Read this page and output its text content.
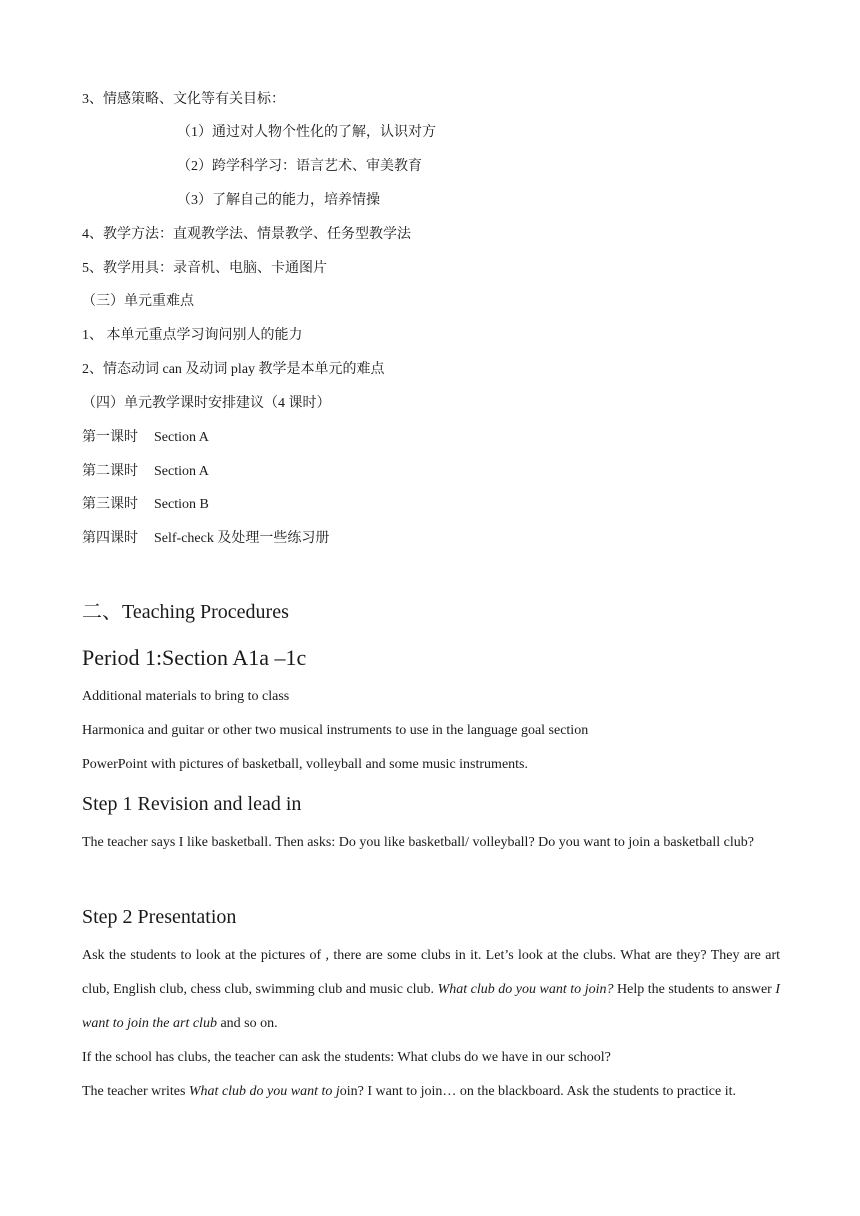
3、情感策略、文化等有关目标：
（1）通过对人物个性化的了解，认识对方
（2）跨学科学习：语言艺术、审美教育
（3）了解自己的能力，培养情操
4、教学方法：直观教学法、情景教学、任务型教学法
5、教学用具：录音机、电脑、卡通图片
（三）单元重难点
1、 本单元重点学习询问别人的能力
2、情态动词 can 及动词 play 教学是本单元的难点
（四）单元教学课时安排建议（4 课时）
第一课时 Section A
第二课时 Section A
第三课时 Section B
第四课时 Self-check 及处理一些练习册
二、Teaching Procedures
Period 1:Section A1a –1c
Additional materials to bring to class
Harmonica and guitar or other two musical instruments to use in the language goal section
PowerPoint with pictures of basketball, volleyball and some music instruments.
Step 1 Revision and lead in
The teacher says I like basketball. Then asks: Do you like basketball/ volleyball? Do you want to join a basketball club?
Step 2 Presentation
Ask the students to look at the pictures of , there are some clubs in it. Let’s look at the clubs. What are they? They are art club, English club, chess club, swimming club and music club. What club do you want to join? Help the students to answer I want to join the art club and so on.
If the school has clubs, the teacher can ask the students: What clubs do we have in our school?
The teacher writes What club do you want to join? I want to join… on the blackboard. Ask the students to practice it.
